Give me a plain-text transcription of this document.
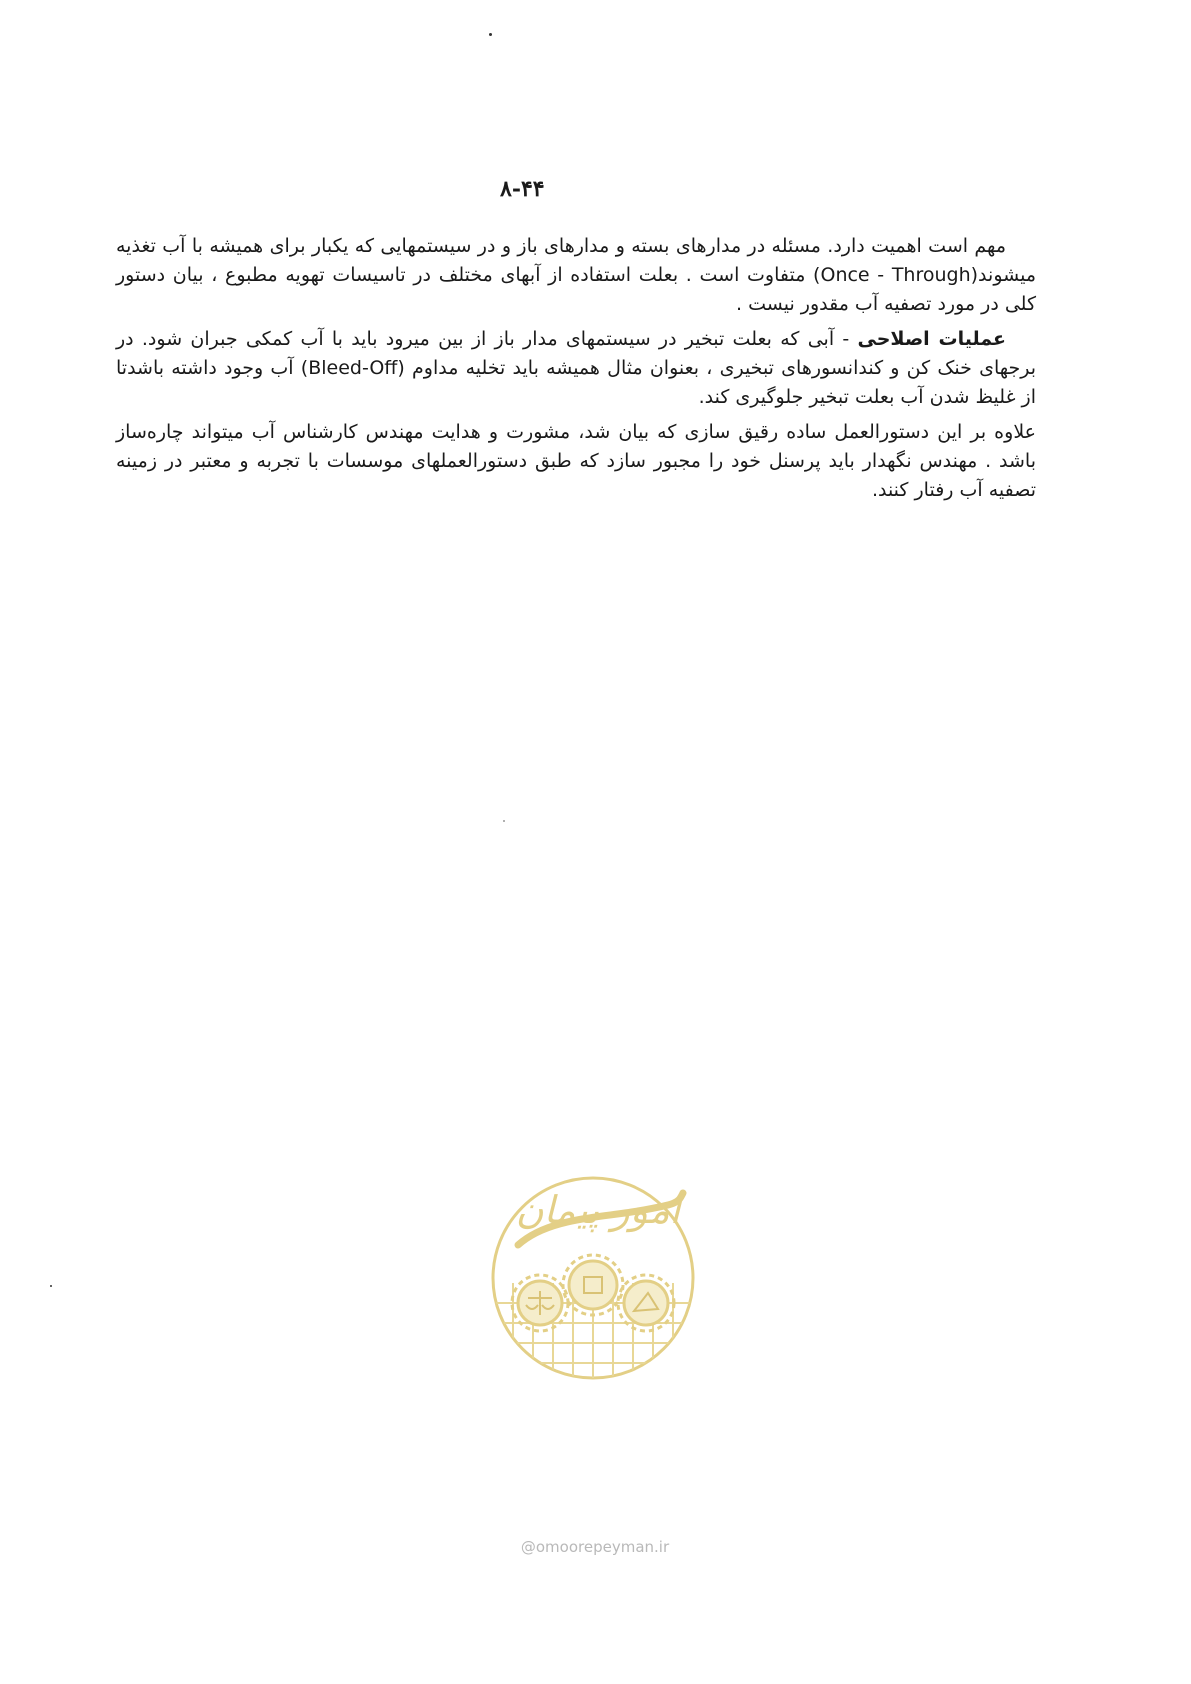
۸-۴۴

مهم است اهمیت دارد. مسئله در مدارهای بسته و مدارهای باز و در سیستمهایی که یکبار برای همیشه با آب تغذیه میشوند(Once - Through) متفاوت است . بعلت استفاده از آبهای مختلف در تاسیسات تهویه مطبوع ، بیان دستور کلی در مورد تصفیه آب مقدور نیست .

عملیات اصلاحی - آبی که بعلت تبخیر در سیستمهای مدار باز از بین میرود باید با آب کمکی جبران شود. در برجهای خنک کن و کندانسورهای تبخیری ، بعنوان مثال همیشه باید تخلیه مداوم (Bleed-Off) آب وجود داشته باشدتا از غلیظ شدن آب بعلت تبخیر جلوگیری کند.

علاوه بر این دستورالعمل ساده رقیق سازی که بیان شد، مشورت و هدایت مهندس کارشناس آب میتواند چاره‌ساز باشد . مهندس نگهدار باید پرسنل خود را مجبور سازد که طبق دستورالعملهای موسسات با تجربه و معتبر در زمینه تصفیه آب رفتار کنند.

امور پیمان
@omoorepeyman.ir
